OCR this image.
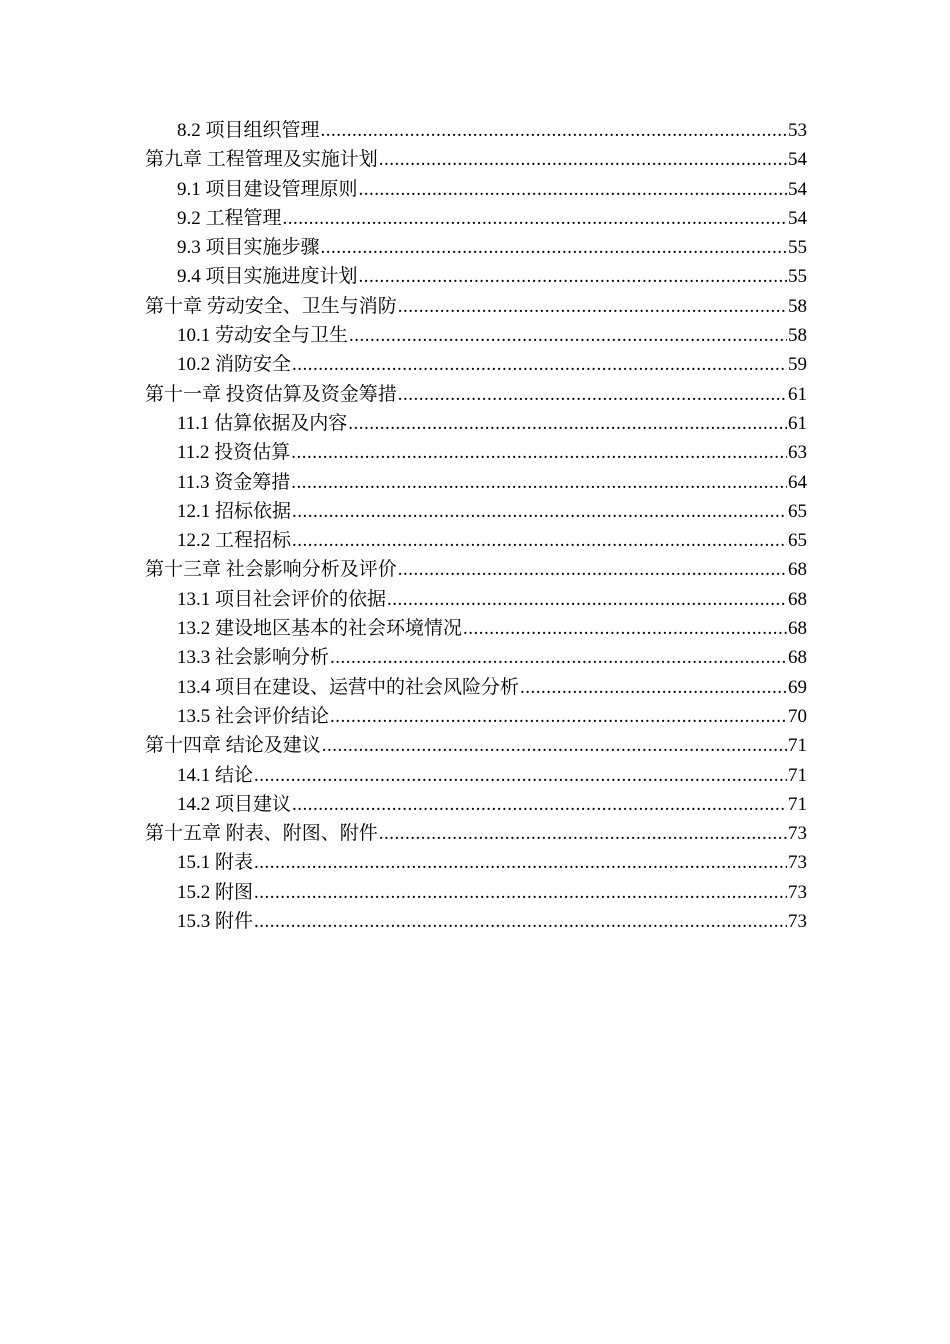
8.2 项目组织管理 .....	53
第九章 工程管理及实施计划 .....	54
9.1 项目建设管理原则 .....	54
9.2 工程管理 .....	54
9.3 项目实施步骤 .....	55
9.4 项目实施进度计划 .....	55
第十章 劳动安全、卫生与消防 .....	58
10.1 劳动安全与卫生 .....	58
10.2 消防安全 .....	59
第十一章 投资估算及资金筹措 .....	61
11.1 估算依据及内容 .....	61
11.2 投资估算 .....	63
11.3 资金筹措 .....	64
12.1 招标依据 .....	65
12.2 工程招标 .....	65
第十三章 社会影响分析及评价 .....	68
13.1 项目社会评价的依据 .....	68
13.2 建设地区基本的社会环境情况 .....	68
13.3 社会影响分析 .....	68
13.4 项目在建设、运营中的社会风险分析 .....	69
13.5 社会评价结论 .....	70
第十四章 结论及建议 .....	71
14.1 结论 .....	71
14.2 项目建议 .....	71
第十五章 附表、附图、附件 .....	73
15.1 附表 .....	73
15.2 附图 .....	73
15.3 附件 .....	73
